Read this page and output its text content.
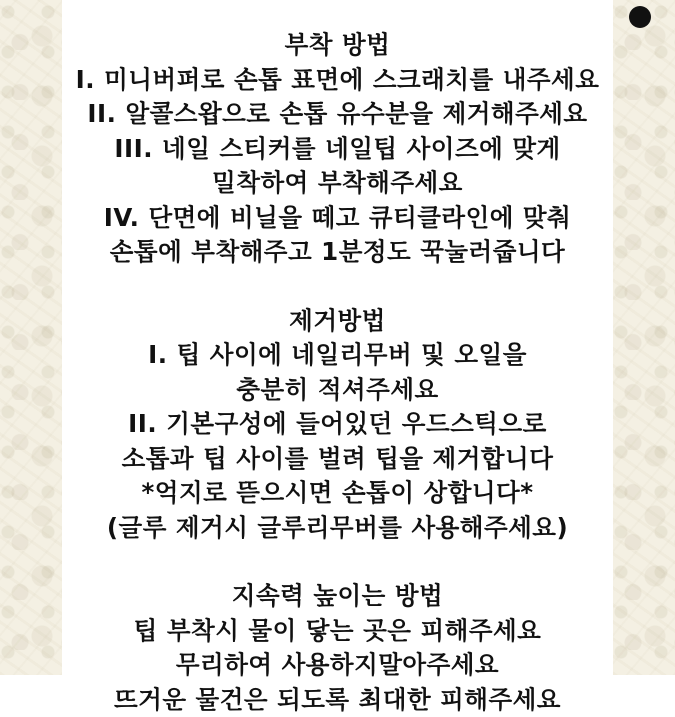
부착 방법
I. 미니버퍼로 손톱 표면에 스크래치를 내주세요
II. 알콜스왑으로 손톱 유수분을 제거해주세요
III. 네일 스티커를 네일팁 사이즈에 맞게
밀착하여 부착해주세요
IV. 단면에 비닐을 떼고 큐티클라인에 맞춰
손톱에 부착해주고 1분정도 꾹눌러줍니다
제거방법
I. 팁 사이에 네일리무버 및 오일을
충분히 적셔주세요
II. 기본구성에 들어있던 우드스틱으로
소톱과 팁 사이를 벌려 팁을 제거합니다
*억지로 뜯으시면 손톱이 상합니다*
(글루 제거시 글루리무버를 사용해주세요)
지속력 높이는 방법
팁 부착시 물이 닿는 곳은 피해주세요
무리하여 사용하지말아주세요
뜨거운 물건은 되도록 최대한 피해주세요
